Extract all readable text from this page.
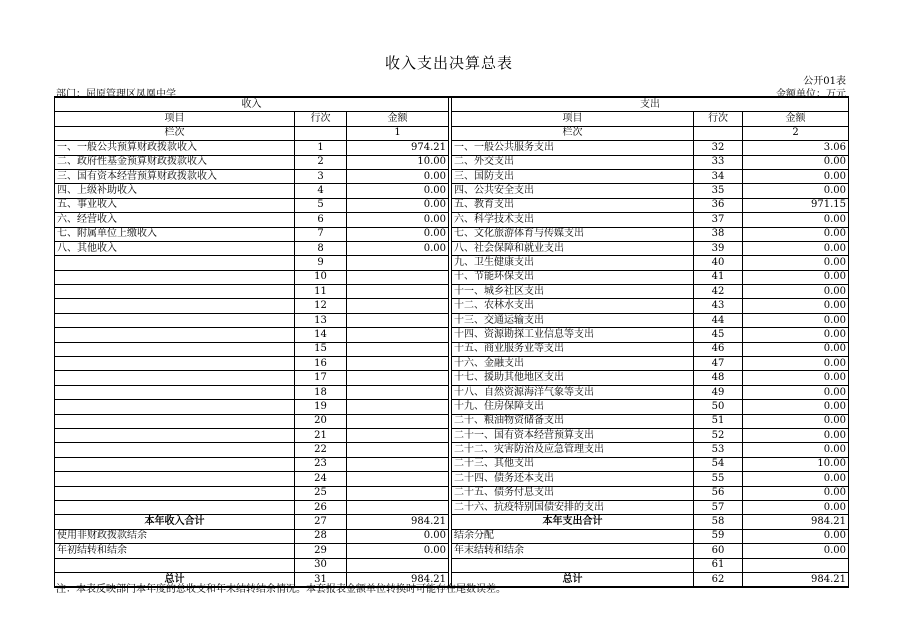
收入支出决算总表
公开01表
部门：屈原管理区凤凰中学	金额单位：万元
收入				支出		
项目	行次	金额		项目	行次	金额
栏次		1		栏次		2
一、一般公共预算财政拨款收入	1	974.21		一、一般公共服务支出	32	3.06
二、政府性基金预算财政拨款收入	2	10.00		二、外交支出	33	0.00
三、国有资本经营预算财政拨款收入	3	0.00		三、国防支出	34	0.00
四、上级补助收入	4	0.00		四、公共安全支出	35	0.00
五、事业收入	5	0.00		五、教育支出	36	971.15
六、经营收入	6	0.00		六、科学技术支出	37	0.00
七、附属单位上缴收入	7	0.00		七、文化旅游体育与传媒支出	38	0.00
八、其他收入	8	0.00		八、社会保障和就业支出	39	0.00
	9			九、卫生健康支出	40	0.00
	10			十、节能环保支出	41	0.00
	11			十一、城乡社区支出	42	0.00
	12			十二、农林水支出	43	0.00
	13			十三、交通运输支出	44	0.00
	14			十四、资源勘探工业信息等支出	45	0.00
	15			十五、商业服务业等支出	46	0.00
	16			十六、金融支出	47	0.00
	17			十七、援助其他地区支出	48	0.00
	18			十八、自然资源海洋气象等支出	49	0.00
	19			十九、住房保障支出	50	0.00
	20			二十、粮油物资储备支出	51	0.00
	21			二十一、国有资本经营预算支出	52	0.00
	22			二十二、灾害防治及应急管理支出	53	0.00
	23			二十三、其他支出	54	10.00
	24			二十四、债务还本支出	55	0.00
	25			二十五、债务付息支出	56	0.00
	26			二十六、抗疫特别国债安排的支出	57	0.00
本年收入合计	27	984.21		本年支出合计	58	984.21
使用非财政拨款结余	28	0.00		结余分配	59	0.00
年初结转和结余	29	0.00		年末结转和结余	60	0.00
	30				61	
总计	31	984.21		总计	62	984.21
注：本表反映部门本年度的总收支和年末结转结余情况。本套报表金额单位转换时可能存在尾数误差。
